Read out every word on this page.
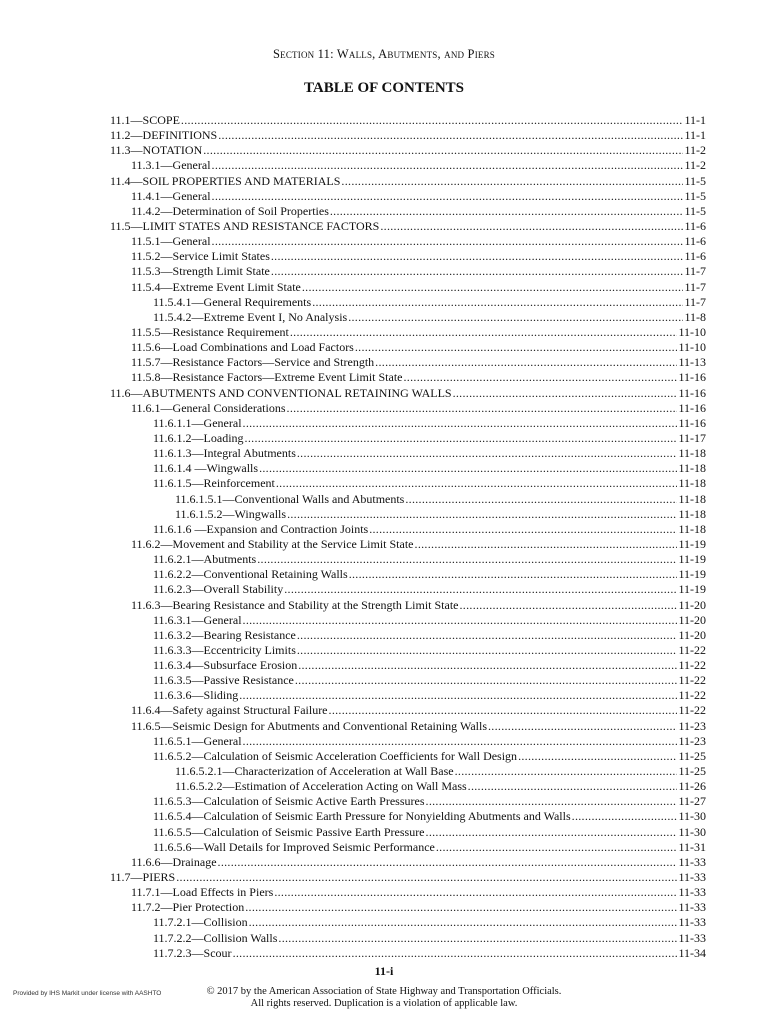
Section 11: Walls, Abutments, and Piers
TABLE OF CONTENTS
11.1—SCOPE .....	11-1
11.2—DEFINITIONS .....	11-1
11.3—NOTATION .....	11-2
11.3.1—General .....	11-2
11.4—SOIL PROPERTIES AND MATERIALS .....	11-5
11.4.1—General .....	11-5
11.4.2—Determination of Soil Properties .....	11-5
11.5—LIMIT STATES AND RESISTANCE FACTORS .....	11-6
11.5.1—General .....	11-6
11.5.2—Service Limit States .....	11-6
11.5.3—Strength Limit State .....	11-7
11.5.4—Extreme Event Limit State .....	11-7
11.5.4.1—General Requirements .....	11-7
11.5.4.2—Extreme Event I, No Analysis .....	11-8
11.5.5—Resistance Requirement .....	11-10
11.5.6—Load Combinations and Load Factors .....	11-10
11.5.7—Resistance Factors—Service and Strength .....	11-13
11.5.8—Resistance Factors—Extreme Event Limit State .....	11-16
11.6—ABUTMENTS AND CONVENTIONAL RETAINING WALLS .....	11-16
11.6.1—General Considerations .....	11-16
11.6.1.1—General .....	11-16
11.6.1.2—Loading .....	11-17
11.6.1.3—Integral Abutments .....	11-18
11.6.1.4 —Wingwalls .....	11-18
11.6.1.5—Reinforcement .....	11-18
11.6.1.5.1—Conventional Walls and Abutments .....	11-18
11.6.1.5.2—Wingwalls .....	11-18
11.6.1.6 —Expansion and Contraction Joints .....	11-18
11.6.2—Movement and Stability at the Service Limit State .....	11-19
11.6.2.1—Abutments .....	11-19
11.6.2.2—Conventional Retaining Walls .....	11-19
11.6.2.3—Overall Stability .....	11-19
11.6.3—Bearing Resistance and Stability at the Strength Limit State .....	11-20
11.6.3.1—General .....	11-20
11.6.3.2—Bearing Resistance .....	11-20
11.6.3.3—Eccentricity Limits .....	11-22
11.6.3.4—Subsurface Erosion .....	11-22
11.6.3.5—Passive Resistance .....	11-22
11.6.3.6—Sliding .....	11-22
11.6.4—Safety against Structural Failure .....	11-22
11.6.5—Seismic Design for Abutments and Conventional Retaining Walls .....	11-23
11.6.5.1—General .....	11-23
11.6.5.2—Calculation of Seismic Acceleration Coefficients for Wall Design .....	11-25
11.6.5.2.1—Characterization of Acceleration at Wall Base .....	11-25
11.6.5.2.2—Estimation of Acceleration Acting on Wall Mass .....	11-26
11.6.5.3—Calculation of Seismic Active Earth Pressures .....	11-27
11.6.5.4—Calculation of Seismic Earth Pressure for Nonyielding Abutments and Walls .....	11-30
11.6.5.5—Calculation of Seismic Passive Earth Pressure .....	11-30
11.6.5.6—Wall Details for Improved Seismic Performance .....	11-31
11.6.6—Drainage .....	11-33
11.7—PIERS .....	11-33
11.7.1—Load Effects in Piers .....	11-33
11.7.2—Pier Protection .....	11-33
11.7.2.1—Collision .....	11-33
11.7.2.2—Collision Walls .....	11-33
11.7.2.3—Scour .....	11-34
11-i
Provided by IHS Markit under license with AASHTO	© 2017 by the American Association of State Highway and Transportation Officials.
All rights reserved. Duplication is a violation of applicable law.
